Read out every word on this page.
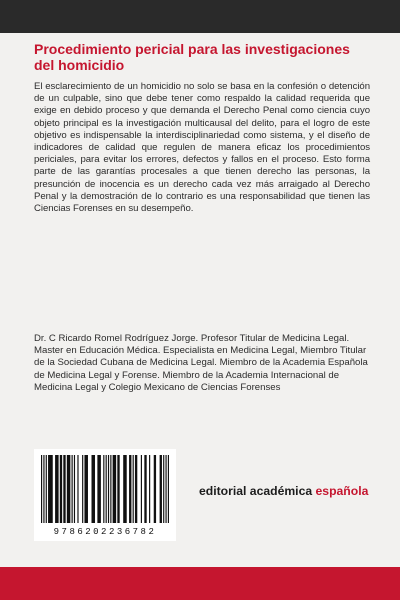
Procedimiento pericial para las investigaciones del homicidio

El esclarecimiento de un homicidio no solo se basa en la confesión o detención de un culpable, sino que debe tener como respaldo la calidad requerida que exige en debido proceso y que demanda el Derecho Penal como ciencia cuyo objeto principal es la investigación multicausal del delito, para el logro de este objetivo es indispensable la interdisciplinariedad como sistema, y el diseño de indicadores de calidad que regulen de manera eficaz los procedimientos periciales, para evitar los errores, defectos y fallos en el proceso. Esto forma parte de las garantías procesales a que tienen derecho las personas, la presunción de inocencia es un derecho cada vez más arraigado al Derecho Penal y la demostración de lo contrario es una responsabilidad que tienen las Ciencias Forenses en su desempeño.

Dr. C Ricardo Romel Rodríguez Jorge. Profesor Titular de Medicina Legal. Master en Educación Médica. Especialista en Medicina Legal, Miembro Titular de la Sociedad Cubana de Medicina Legal. Miembro de la Academia Española de Medicina Legal y Forense. Miembro de la Academia Internacional de Medicina Legal y Colegio Mexicano de Ciencias Forenses

9786202236782
editorial académica española
